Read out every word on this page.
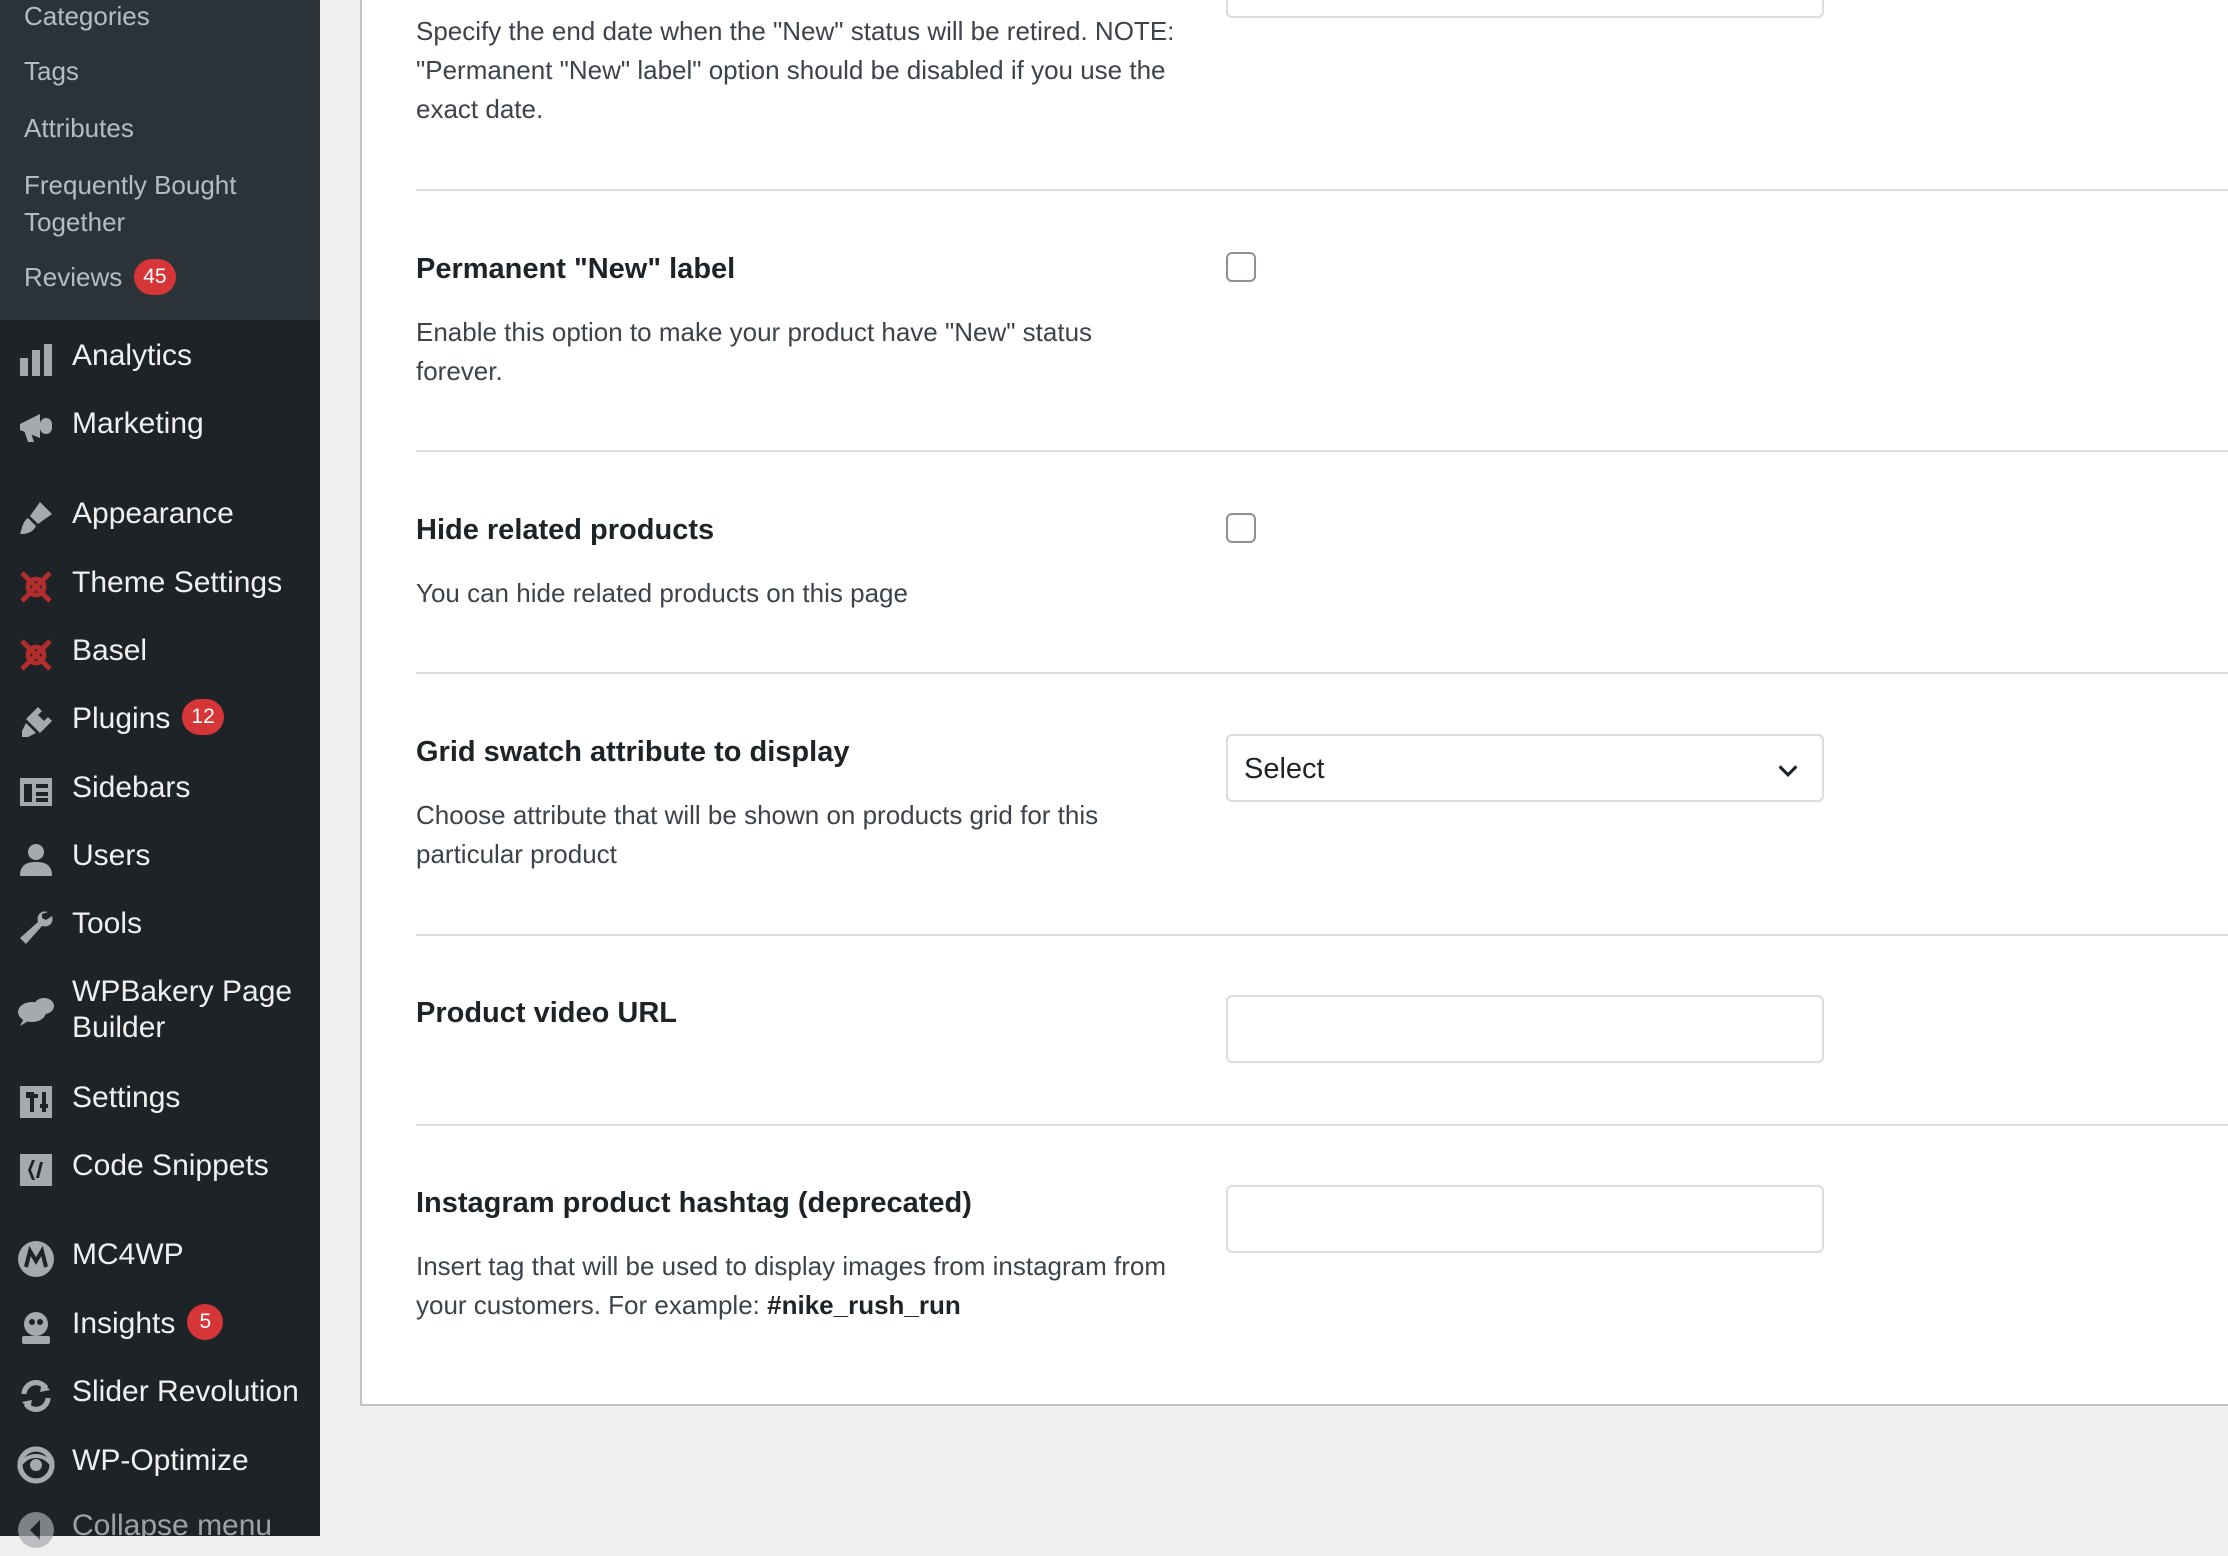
Categories
Tags
Attributes
Frequently Bought Together
Reviews 45
Analytics
Marketing
Appearance
Theme Settings
Basel
Plugins 12
Sidebars
Users
Tools
WPBakery Page Builder
Settings
Code Snippets
MC4WP
Insights 5
Slider Revolution
WP-Optimize
Collapse menu
Specify the end date when the "New" status will be retired. NOTE: "Permanent "New" label" option should be disabled if you use the exact date.
Permanent "New" label
Enable this option to make your product have "New" status forever.
Hide related products
You can hide related products on this page
Grid swatch attribute to display
Select
Choose attribute that will be shown on products grid for this particular product
Product video URL
Instagram product hashtag (deprecated)
Insert tag that will be used to display images from instagram from your customers. For example: #nike_rush_run
